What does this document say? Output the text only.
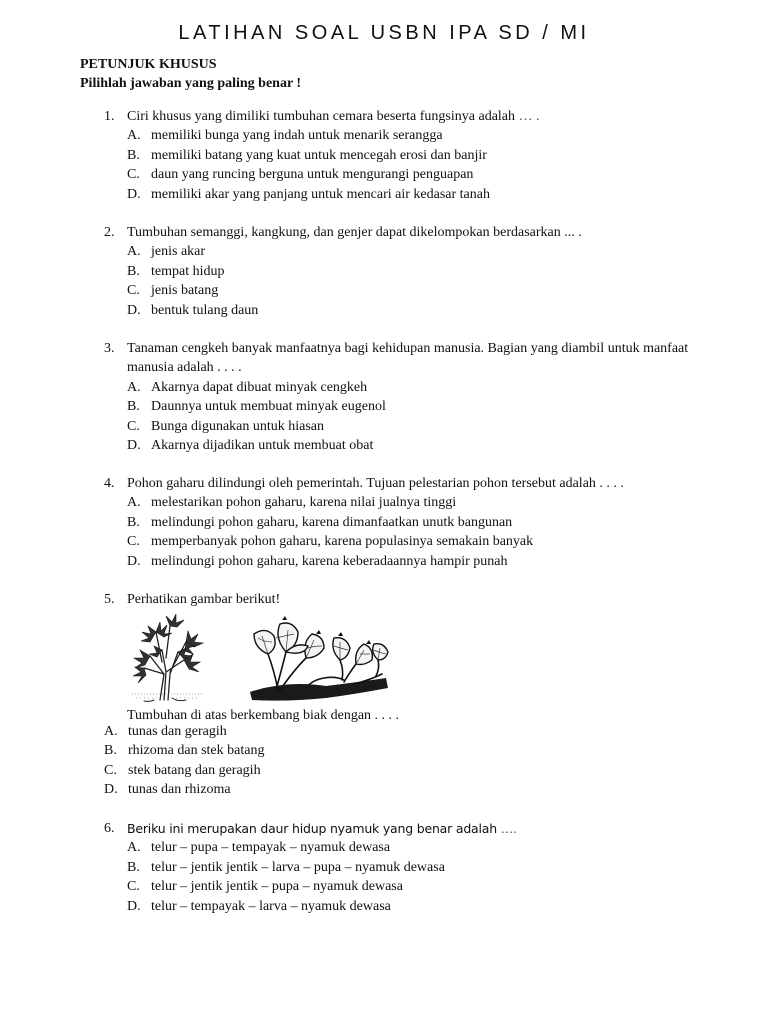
LATIHAN SOAL USBN IPA SD / MI
PETUNJUK KHUSUS
Pilihlah jawaban yang paling benar !
1. Ciri khusus yang dimiliki tumbuhan cemara beserta fungsinya adalah … .
A. memiliki bunga yang indah untuk menarik serangga
B. memiliki batang yang kuat untuk mencegah erosi dan banjir
C. daun yang runcing berguna untuk mengurangi penguapan
D. memiliki akar yang panjang untuk mencari air kedasar tanah
2. Tumbuhan semanggi, kangkung, dan genjer dapat dikelompokan berdasarkan ... .
A. jenis akar
B. tempat hidup
C. jenis batang
D. bentuk tulang daun
3. Tanaman cengkeh banyak manfaatnya bagi kehidupan manusia. Bagian yang diambil untuk manfaat manusia adalah . . . .
A. Akarnya dapat dibuat minyak cengkeh
B. Daunnya untuk membuat minyak eugenol
C. Bunga digunakan untuk hiasan
D. Akarnya dijadikan untuk membuat obat
4. Pohon gaharu dilindungi oleh pemerintah. Tujuan pelestarian pohon tersebut adalah . . . .
A. melestarikan pohon gaharu, karena nilai jualnya tinggi
B. melindungi pohon gaharu, karena dimanfaatkan unutk bangunan
C. memperbanyak pohon gaharu, karena populasinya semakain banyak
D. melindungi pohon gaharu, karena keberadaannya hampir punah
5. Perhatikan gambar berikut!
Tumbuhan di atas berkembang biak dengan . . . .
A. tunas dan geragih
B. rhizoma dan stek batang
C. stek batang dan geragih
D. tunas dan rhizoma
6.	Beriku ini merupakan daur hidup nyamuk yang benar adalah ….
A. telur – pupa – tempayak – nyamuk dewasa
B. telur – jentik jentik – larva – pupa – nyamuk dewasa
C. telur – jentik jentik – pupa – nyamuk dewasa
D. telur – tempayak – larva – nyamuk dewasa
